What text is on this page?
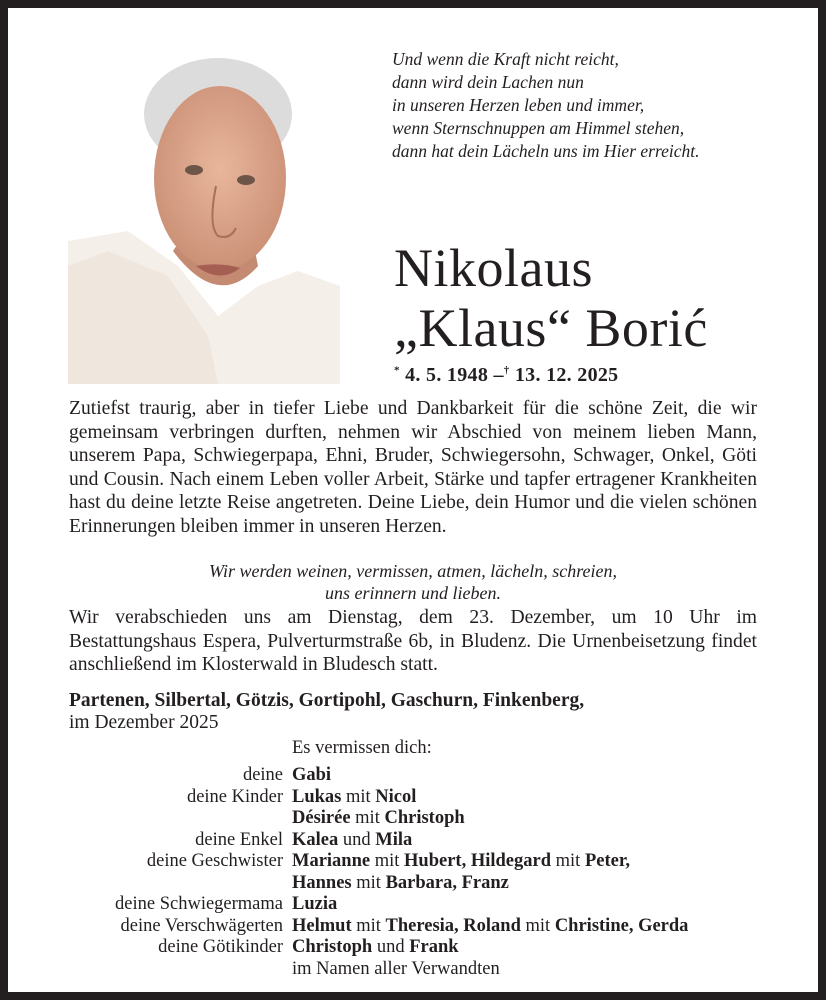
Und wenn die Kraft nicht reicht,
dann wird dein Lachen nun
in unseren Herzen leben und immer,
wenn Sternschnuppen am Himmel stehen,
dann hat dein Lächeln uns im Hier erreicht.
Nikolaus
„Klaus“ Borić
* 4. 5. 1948 –† 13. 12. 2025
Zutiefst traurig, aber in tiefer Liebe und Dankbarkeit für die schöne Zeit, die wir gemeinsam verbringen durften, nehmen wir Abschied von meinem lieben Mann, unserem Papa, Schwiegerpapa, Ehni, Bruder, Schwiegersohn, Schwager, Onkel, Göti und Cousin. Nach einem Leben voller Arbeit, Stärke und tapfer ertragener Krankheiten hast du deine letzte Reise angetreten. Deine Liebe, dein Humor und die vielen schönen Erinnerungen bleiben immer in unseren Herzen.
Wir werden weinen, vermissen, atmen, lächeln, schreien,
uns erinnern und lieben.
Wir verabschieden uns am Dienstag, dem 23. Dezember, um 10 Uhr im Bestattungshaus Espera, Pulverturmstraße 6b, in Bludenz. Die Urnenbeisetzung findet anschließend im Klosterwald in Bludesch statt.
Partenen, Silbertal, Götzis, Gortipohl, Gaschurn, Finkenberg,
im Dezember 2025
Es vermissen dich:
deine Gabi
deine Kinder Lukas mit Nicol
Désirée mit Christoph
deine Enkel Kalea und Mila
deine Geschwister Marianne mit Hubert, Hildegard mit Peter,
Hannes mit Barbara, Franz
deine Schwiegermama Luzia
deine Verschwägerten Helmut mit Theresia, Roland mit Christine, Gerda
deine Götikinder Christoph und Frank
im Namen aller Verwandten
